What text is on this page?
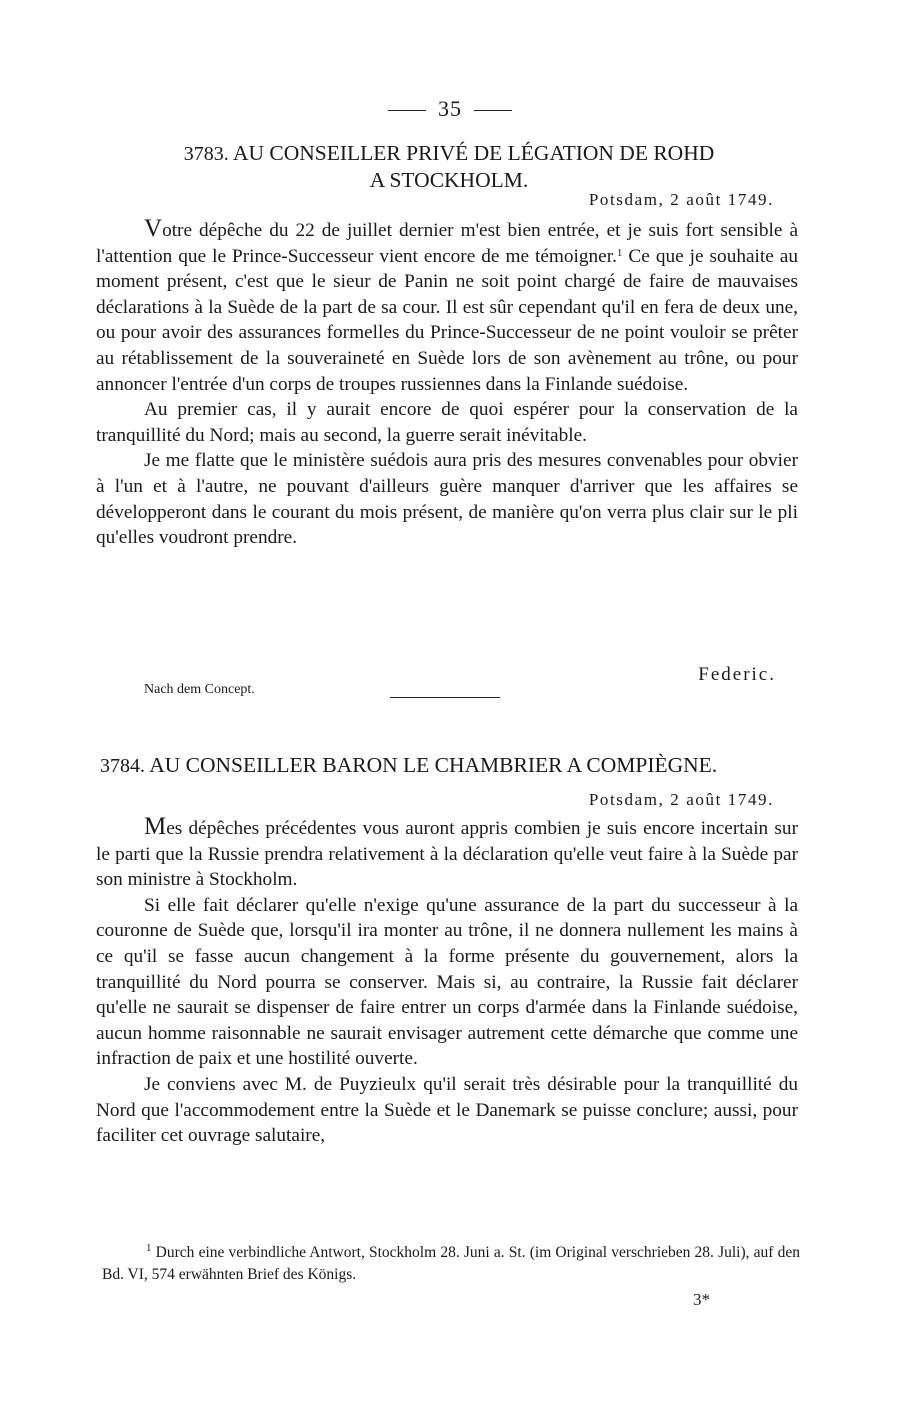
35
3783. AU CONSEILLER PRIVÉ DE LÉGATION DE ROHD
A STOCKHOLM.
Potsdam, 2 août 1749.

Votre dépêche du 22 de juillet dernier m'est bien entrée, et je suis fort sensible à l'attention que le Prince-Successeur vient encore de me témoigner.$^1$ Ce que je souhaite au moment présent, c'est que le sieur de Panin ne soit point chargé de faire de mauvaises déclarations à la Suède de la part de sa cour. Il est sûr cependant qu'il en fera de deux une, ou pour avoir des assurances formelles du Prince-Successeur de ne point vouloir se prêter au rétablissement de la souveraineté en Suède lors de son avènement au trône, ou pour annoncer l'entrée d'un corps de troupes russiennes dans la Finlande suédoise.

Au premier cas, il y aurait encore de quoi espérer pour la conservation de la tranquillité du Nord; mais au second, la guerre serait inévitable.

Je me flatte que le ministère suédois aura pris des mesures convenables pour obvier à l'un et à l'autre, ne pouvant d'ailleurs guère manquer d'arriver que les affaires se développeront dans le courant du mois présent, de manière qu'on verra plus clair sur le pli qu'elles voudront prendre.

Federic.
Nach dem Concept.
3784. AU CONSEILLER BARON LE CHAMBRIER A COMPIÈGNE.
Potsdam, 2 août 1749.

Mes dépêches précédentes vous auront appris combien je suis encore incertain sur le parti que la Russie prendra relativement à la déclaration qu'elle veut faire à la Suède par son ministre à Stockholm.

Si elle fait déclarer qu'elle n'exige qu'une assurance de la part du successeur à la couronne de Suède que, lorsqu'il ira monter au trône, il ne donnera nullement les mains à ce qu'il se fasse aucun changement à la forme présente du gouvernement, alors la tranquillité du Nord pourra se conserver. Mais si, au contraire, la Russie fait déclarer qu'elle ne saurait se dispenser de faire entrer un corps d'armée dans la Finlande suédoise, aucun homme raisonnable ne saurait envisager autrement cette démarche que comme une infraction de paix et une hostilité ouverte.

Je conviens avec M. de Puyzieulx qu'il serait très désirable pour la tranquillité du Nord que l'accommodement entre la Suède et le Danemark se puisse conclure; aussi, pour faciliter cet ouvrage salutaire,

$^1$ Durch eine verbindliche Antwort, Stockholm 28. Juni a. St. (im Original verschrieben 28. Juli), auf den Bd. VI, 574 erwähnten Brief des Königs.
3*
